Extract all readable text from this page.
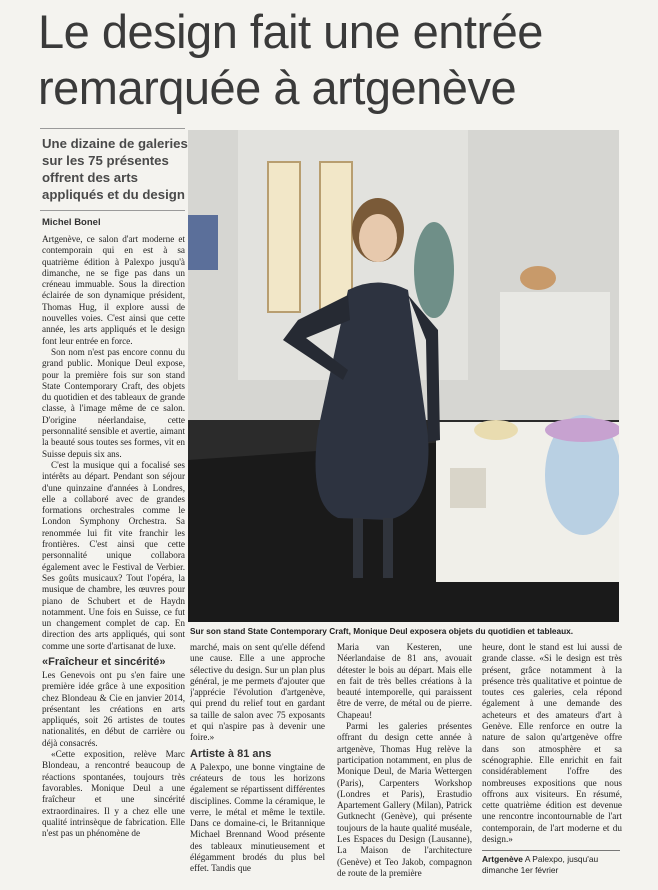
Le design fait une entrée
remarquée à artgenève
Une dizaine de galeries sur les 75 présentes offrent des arts appliqués et du design
Michel Bonel

Artgenève, ce salon d'art moderne et contemporain qui en est à sa quatrième édition à Palexpo jusqu'à dimanche, ne se fige pas dans un créneau immuable. Sous la direction éclairée de son dynamique président, Thomas Hug, il explore aussi de nouvelles voies. C'est ainsi que cette année, les arts appliqués et le design font leur entrée en force.

Son nom n'est pas encore connu du grand public. Monique Deul expose, pour la première fois sur son stand State Contemporary Craft, des objets du quotidien et des tableaux de grande classe, à l'image même de ce salon. D'origine néerlandaise, cette personnalité sensible et avertie, aimant la beauté sous toutes ses formes, vit en Suisse depuis six ans.

C'est la musique qui a focalisé ses intérêts au départ. Pendant son séjour d'une quinzaine d'années à Londres, elle a collaboré avec de grandes formations orchestrales comme le London Symphony Orchestra. Sa renommée lui fit vite franchir les frontières. C'est ainsi que cette personnalité unique collabora également avec le Festival de Verbier. Ses goûts musicaux? Tout l'opéra, la musique de chambre, les œuvres pour piano de Schubert et de Haydn notamment. Une fois en Suisse, ce fut un changement complet de cap. En direction des arts appliqués, qui sont comme une sorte d'artisanat de luxe.

«Fraîcheur et sincérité»

Les Genevois ont pu s'en faire une première idée grâce à une exposition chez Blondeau & Cie en janvier 2014, présentant les créations en arts appliqués, soit 26 artistes de toutes nationalités, en début de carrière ou déjà consacrés.

«Cette exposition, relève Marc Blondeau, a rencontré beaucoup de réactions spontanées, toujours très favorables. Monique Deul a une fraîcheur et une sincérité extraordinaires. Il y a chez elle une qualité intrinsèque de fabrication. Elle n'est pas un phénomène de

Sur son stand State Contemporary Craft, Monique Deul exposera objets du quotidien et tableaux.

marché, mais on sent qu'elle défend une cause. Elle a une approche sélective du design. Sur un plan plus général, je me permets d'ajouter que j'apprécie l'évolution d'artgenève, qui prend du relief tout en gardant sa taille de salon avec 75 exposants et qui n'aspire pas à devenir une foire.»

Artiste à 81 ans

A Palexpo, une bonne vingtaine de créateurs de tous les horizons également se répartissent différentes disciplines. Comme la céramique, le verre, le métal et même le textile. Dans ce domaine-ci, le Britannique Michael Brennand Wood présente des tableaux minutieusement et élégamment brodés du plus bel effet. Tandis que

Maria van Kesteren, une Néerlandaise de 81 ans, avouait détester le bois au départ. Mais elle en fait de très belles créations à la beauté intemporelle, qui paraissent être de verre, de métal ou de pierre. Chapeau!

Parmi les galeries présentes offrant du design cette année à artgenève, Thomas Hug relève la participation notamment, en plus de Monique Deul, de Maria Wettergen (Paris), Carpenters Workshop (Londres et Paris), Erastudio Apartement Gallery (Milan), Patrick Gutknecht (Genève), qui présente toujours de la haute qualité muséale, Les Espaces du Design (Lausanne), La Maison de l'architecture (Genève) et Teo Jakob, compagnon de route de la première

heure, dont le stand est lui aussi de grande classe. «Si le design est très présent, grâce notamment à la présence très qualitative et pointue de toutes ces galeries, cela répond également à une demande des acheteurs et des amateurs d'art à Genève. Elle renforce en outre la nature de salon qu'artgenève offre dans son atmosphère et sa scénographie. Elle enrichit en fait considérablement l'offre des nombreuses expositions que nous offrons aux visiteurs. En résumé, cette quatrième édition est devenue une rencontre incontournable de l'art contemporain, de l'art moderne et du design.»

Artgenève A Palexpo, jusqu'au dimanche 1er février
